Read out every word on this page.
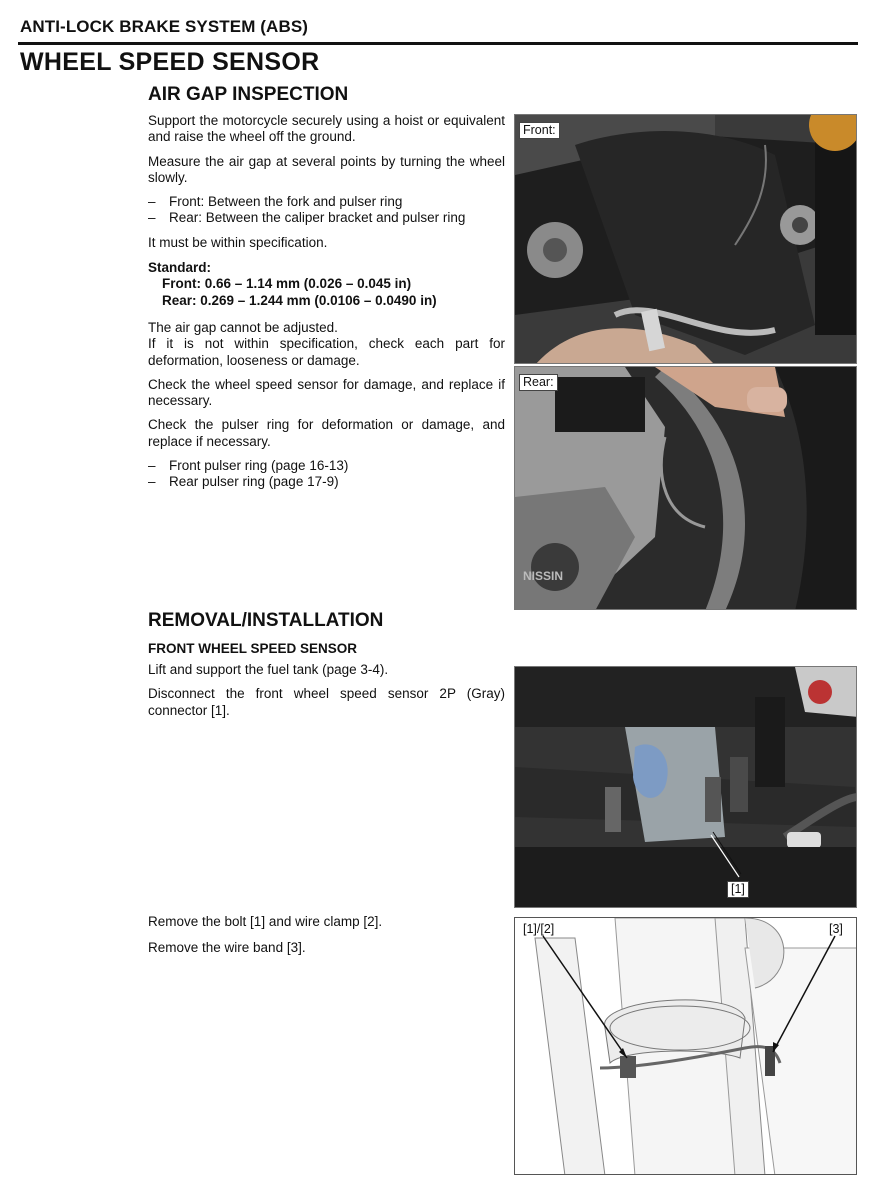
ANTI-LOCK BRAKE SYSTEM (ABS)
WHEEL SPEED SENSOR
AIR GAP INSPECTION

Support the motorcycle securely using a hoist or equivalent and raise the wheel off the ground.

Measure the air gap at several points by turning the wheel slowly.

– Front: Between the fork and pulser ring
– Rear: Between the caliper bracket and pulser ring

It must be within specification.

Standard:
Front: 0.66 – 1.14 mm (0.026 – 0.045 in)
Rear: 0.269 – 1.244 mm (0.0106 – 0.0490 in)

The air gap cannot be adjusted.

If it is not within specification, check each part for deformation, looseness or damage.

Check the wheel speed sensor for damage, and replace if necessary.

Check the pulser ring for deformation or damage, and replace if necessary.

– Front pulser ring (page 16-13)
– Rear pulser ring (page 17-9)
Front:
NISSIN
Rear:
REMOVAL/INSTALLATION
FRONT WHEEL SPEED SENSOR

Lift and support the fuel tank (page 3-4).

Disconnect the front wheel speed sensor 2P (Gray) connector [1].

[1]

Remove the bolt [1] and wire clamp [2].

Remove the wire band [3].

[1]/[2]	[3]
